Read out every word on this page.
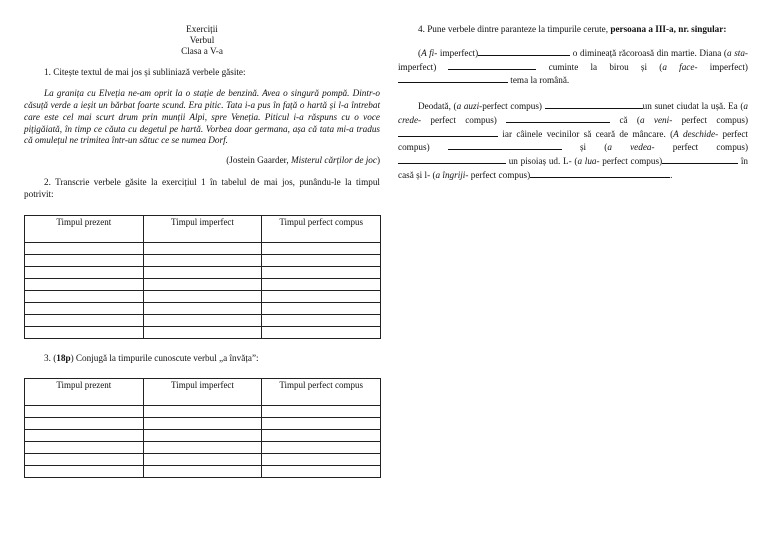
Exerciții
Verbul
Clasa a V-a

1. Citește textul de mai jos și subliniază verbele găsite:

La granița cu Elveția ne-am oprit la o stație de benzină. Avea o singură pompă. Dintr-o căsuță verde a ieșit un bărbat foarte scund. Era pitic. Tata i-a pus în față o hartă și l-a întrebat care este cel mai scurt drum prin munții Alpi, spre Veneția. Piticul i-a răspuns cu o voce pițigăiată, în timp ce căuta cu degetul pe hartă. Vorbea doar germana, așa că tata mi-a tradus că omulețul ne trimitea într-un sătuc ce se numea Dorf.

(Jostein Gaarder, Misterul cărților de joc)

2. Transcrie verbele găsite la exercițiul 1 în tabelul de mai jos, punându-le la timpul potrivit:

Timpul prezent	Timpul imperfect	Timpul perfect compus

3. (18p) Conjugă la timpurile cunoscute verbul „a învăța”:

Timpul prezent	Timpul imperfect	Timpul perfect compus

4. Pune verbele dintre paranteze la timpurile cerute, persoana a III-a, nr. singular:

(A fi- imperfect)	o dimineață răcoroasă din martie. Diana (a sta- imperfect)	cuminte la birou și (a face- imperfect)  tema la română.

Deodată, (a auzi-perfect compus)	un sunet ciudat la ușă. Ea (a crede- perfect compus)	că (a veni- perfect compus) iar câinele vecinilor să ceară de mâncare. (A deschide- perfect compus)	și (a vedea- perfect compus)  un pisoiaș ud. L- (a lua- perfect compus)	în casă și l- (a îngriji- perfect compus)	.
